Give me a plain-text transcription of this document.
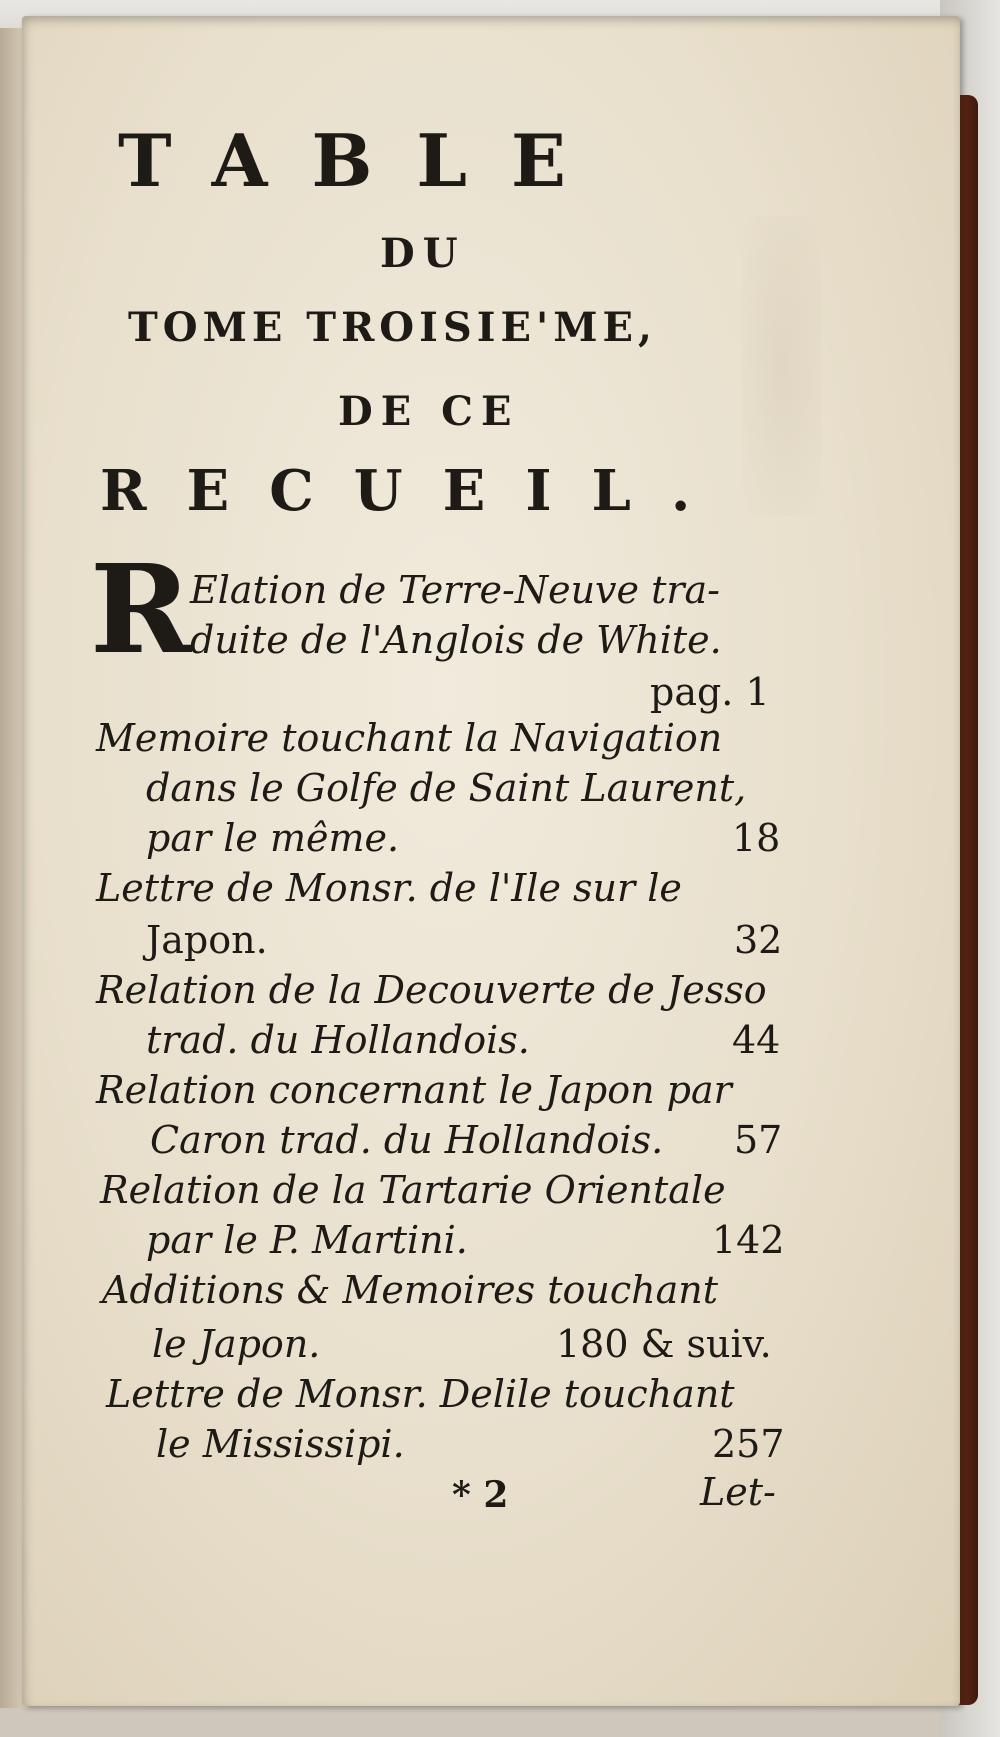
TABLE
DU
TOME TROISIE'ME,
DE CE
RECUEIL.
R
Elation de Terre-Neuve tra-
duite de l'Anglois de White.
pag. 1
Memoire touchant la Navigation
dans le Golfe de Saint Laurent,
par le même.	18
Lettre de Monsr. de l'Ile sur le
Japon.	32
Relation de la Decouverte de Jesso
trad. du Hollandois.	44
Relation concernant le Japon par
Caron trad. du Hollandois. 57
Relation de la Tartarie Orientale
par le P. Martini.	142
Additions & Memoires touchant
le Japon.	180 & suiv.
Lettre de Monsr. Delile touchant
le Mississipi.	257
* 2	Let-
